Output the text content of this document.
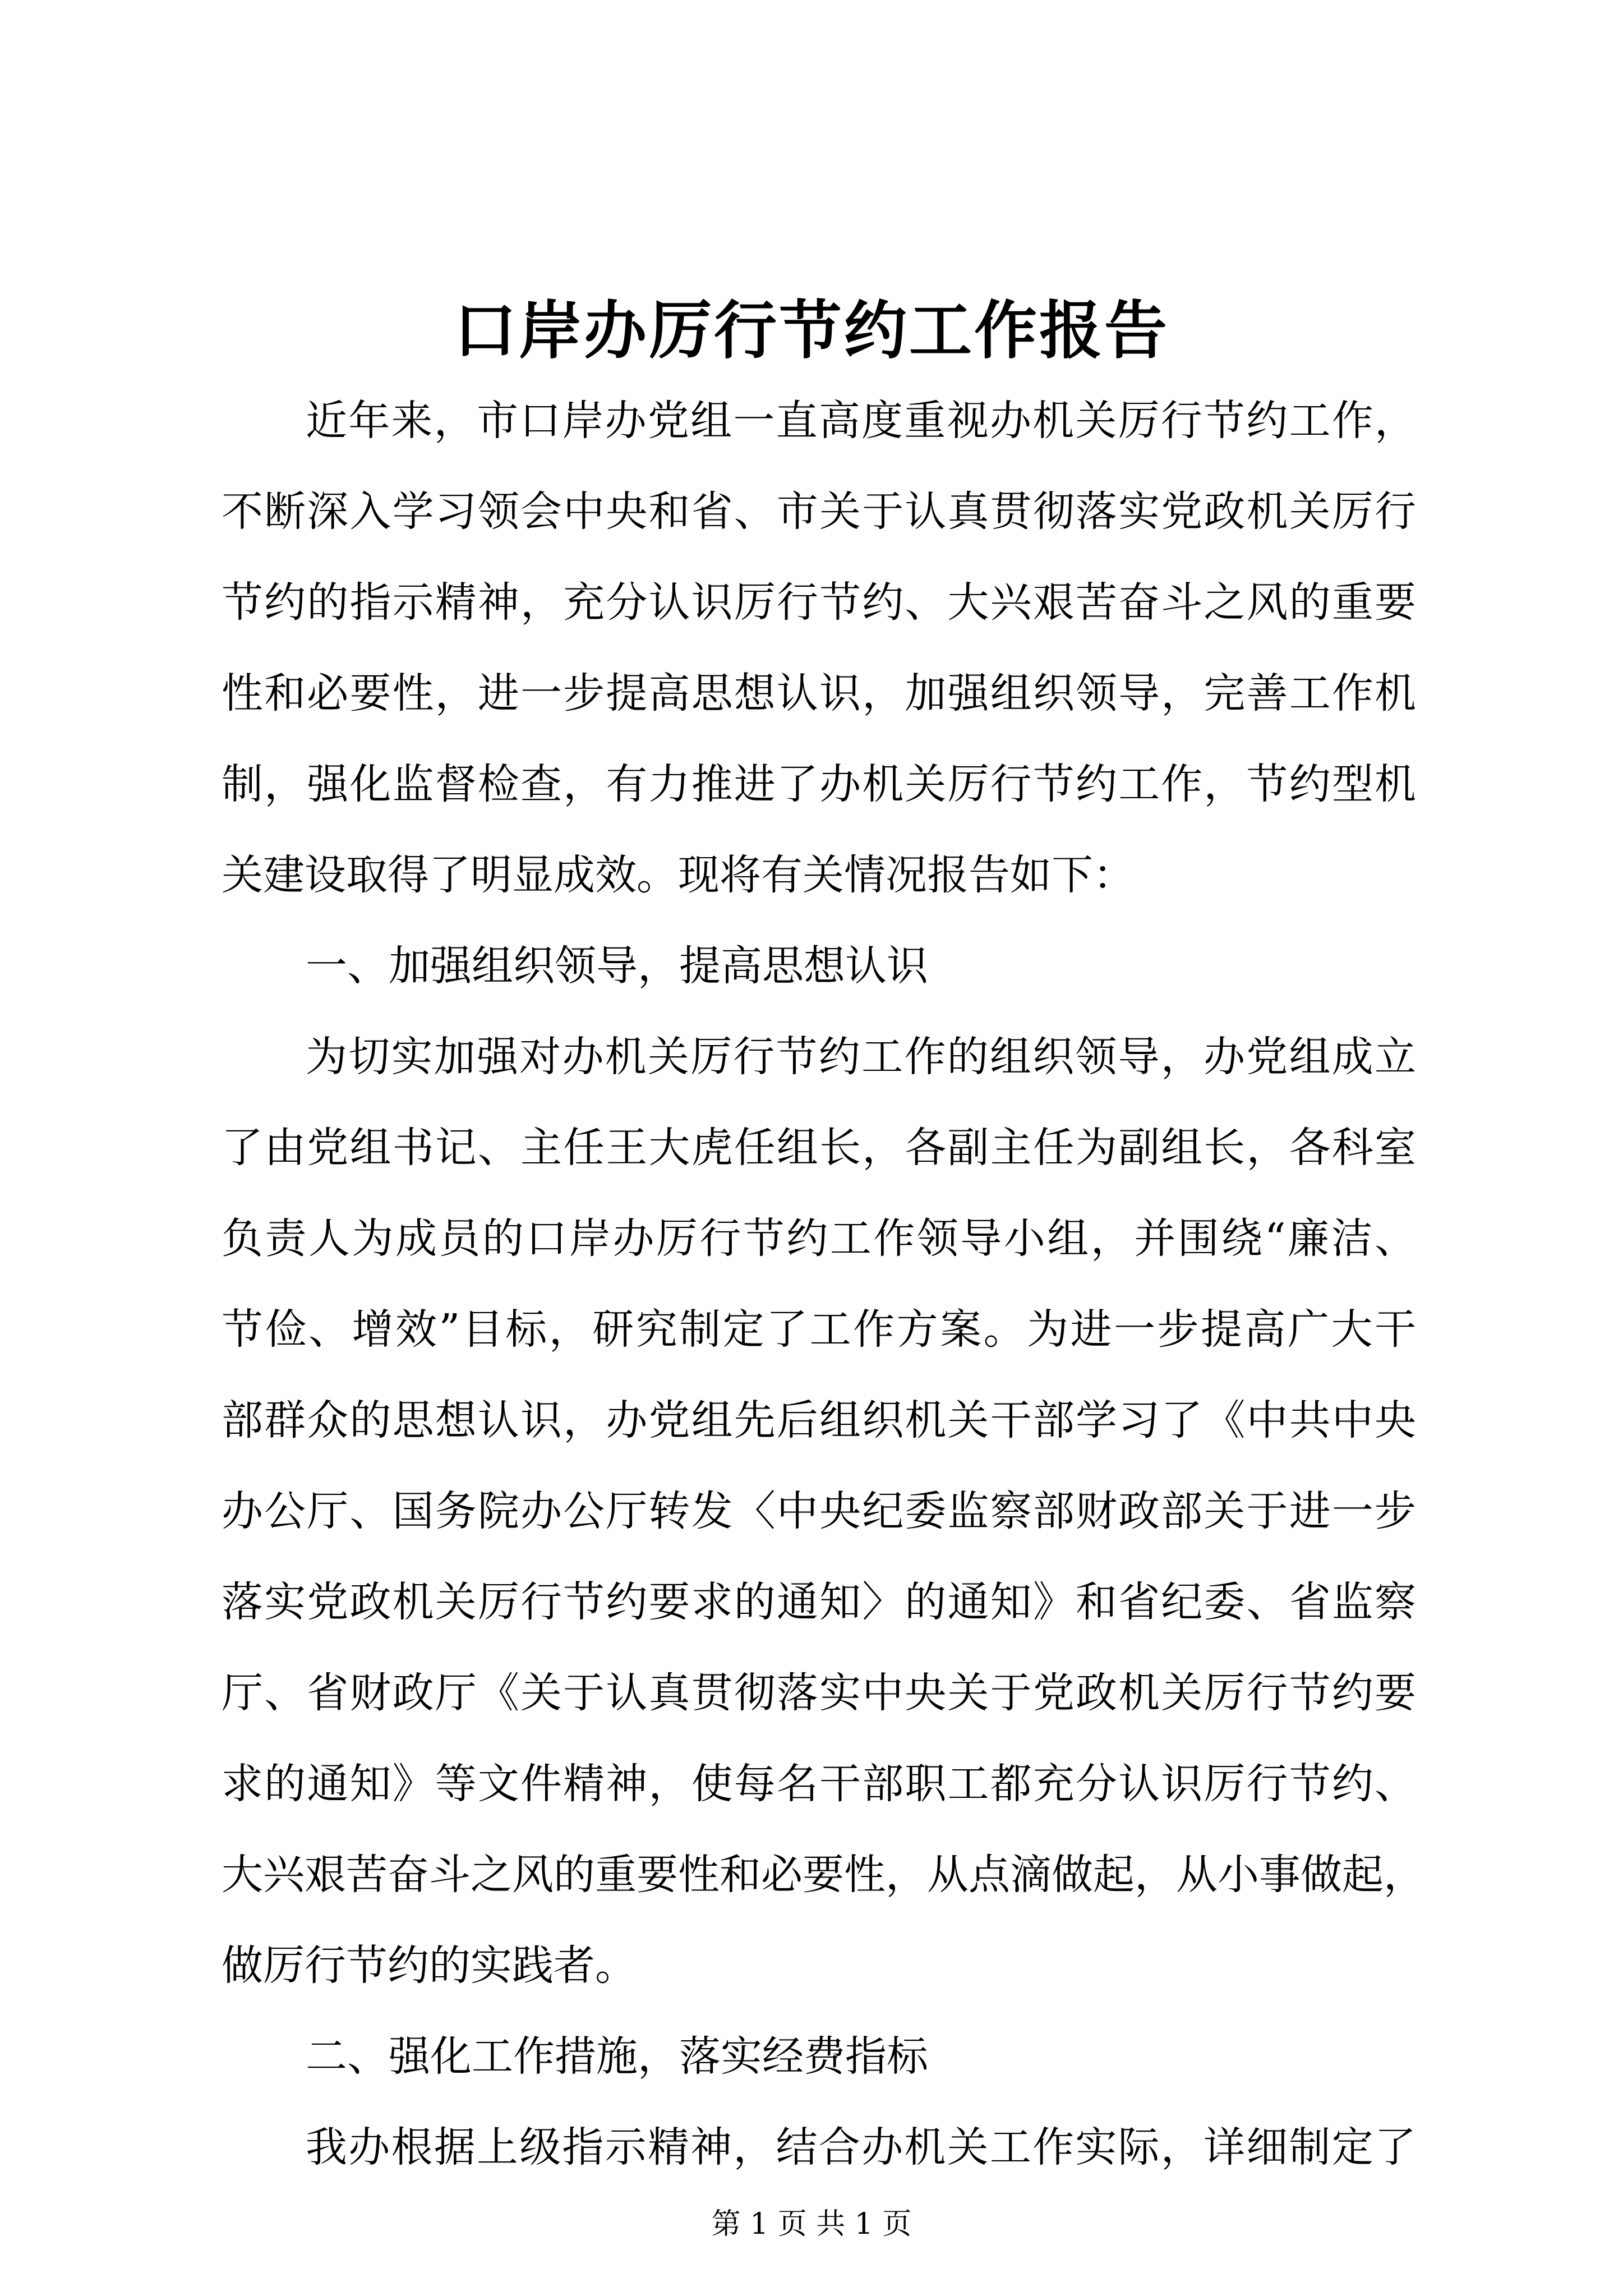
口岸办厉行节约工作报告
近年来，市口岸办党组一直高度重视办机关厉行节约工作，
不断深入学习领会中央和省、市关于认真贯彻落实党政机关厉行
节约的指示精神，充分认识厉行节约、大兴艰苦奋斗之风的重要
性和必要性，进一步提高思想认识，加强组织领导，完善工作机
制，强化监督检查，有力推进了办机关厉行节约工作，节约型机
关建设取得了明显成效。现将有关情况报告如下：
一、加强组织领导，提高思想认识
为切实加强对办机关厉行节约工作的组织领导，办党组成立
了由党组书记、主任王大虎任组长，各副主任为副组长，各科室
负责人为成员的口岸办厉行节约工作领导小组，并围绕“廉洁、
节俭、增效”目标，研究制定了工作方案。为进一步提高广大干
部群众的思想认识，办党组先后组织机关干部学习了《中共中央
办公厅、国务院办公厅转发〈中央纪委监察部财政部关于进一步
落实党政机关厉行节约要求的通知〉的通知》和省纪委、省监察
厅、省财政厅《关于认真贯彻落实中央关于党政机关厉行节约要
求的通知》等文件精神，使每名干部职工都充分认识厉行节约、
大兴艰苦奋斗之风的重要性和必要性，从点滴做起，从小事做起，
做厉行节约的实践者。
二、强化工作措施，落实经费指标
我办根据上级指示精神，结合办机关工作实际，详细制定了
第 1 页 共 1 页
